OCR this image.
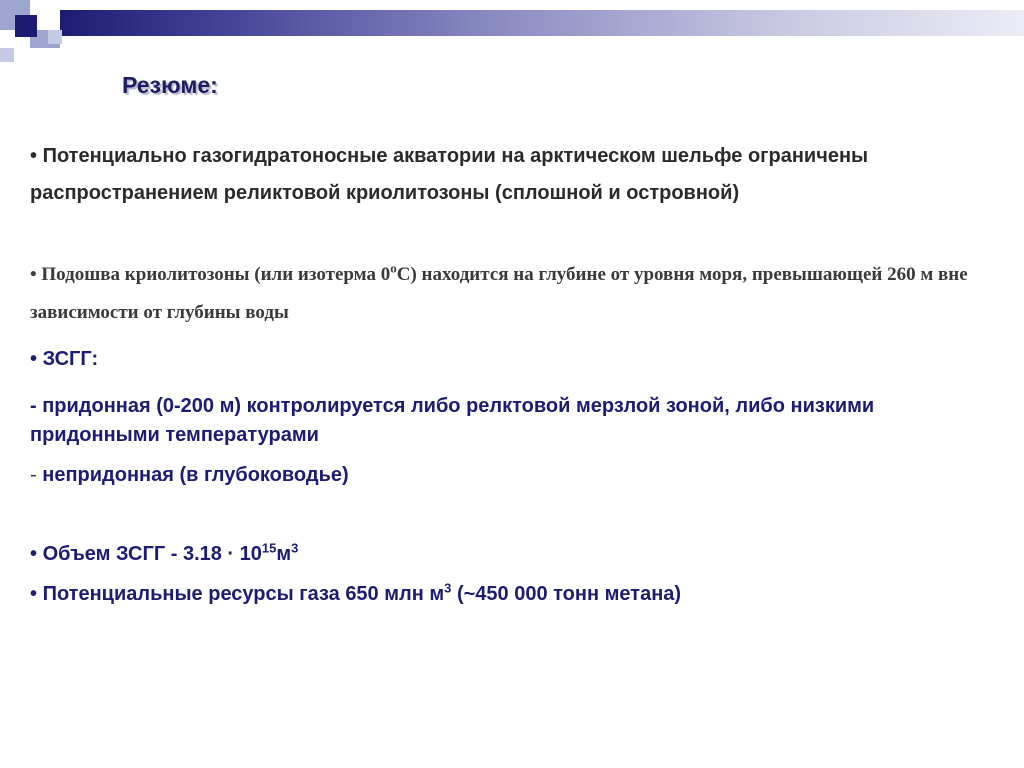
Резюме:
• Потенциально газогидратоносные акватории на арктическом шельфе ограничены распространением реликтовой криолитозоны (сплошной и островной)
• Подошва криолитозоны (или изотерма 0$^o$С) находится на глубине от уровня моря, превышающей 260 м вне зависимости от глубины воды
• ЗСГГ:
- придонная (0-200 м) контролируется либо релктовой мерзлой зоной, либо низкими придонными температурами
- непридонная (в глубоководье)
• Объем ЗСГГ - $3.18 \cdot 10^{15}м^3$
• Потенциальные ресурсы газа 650 млн $м^3$ (~450 000 тонн метана)
